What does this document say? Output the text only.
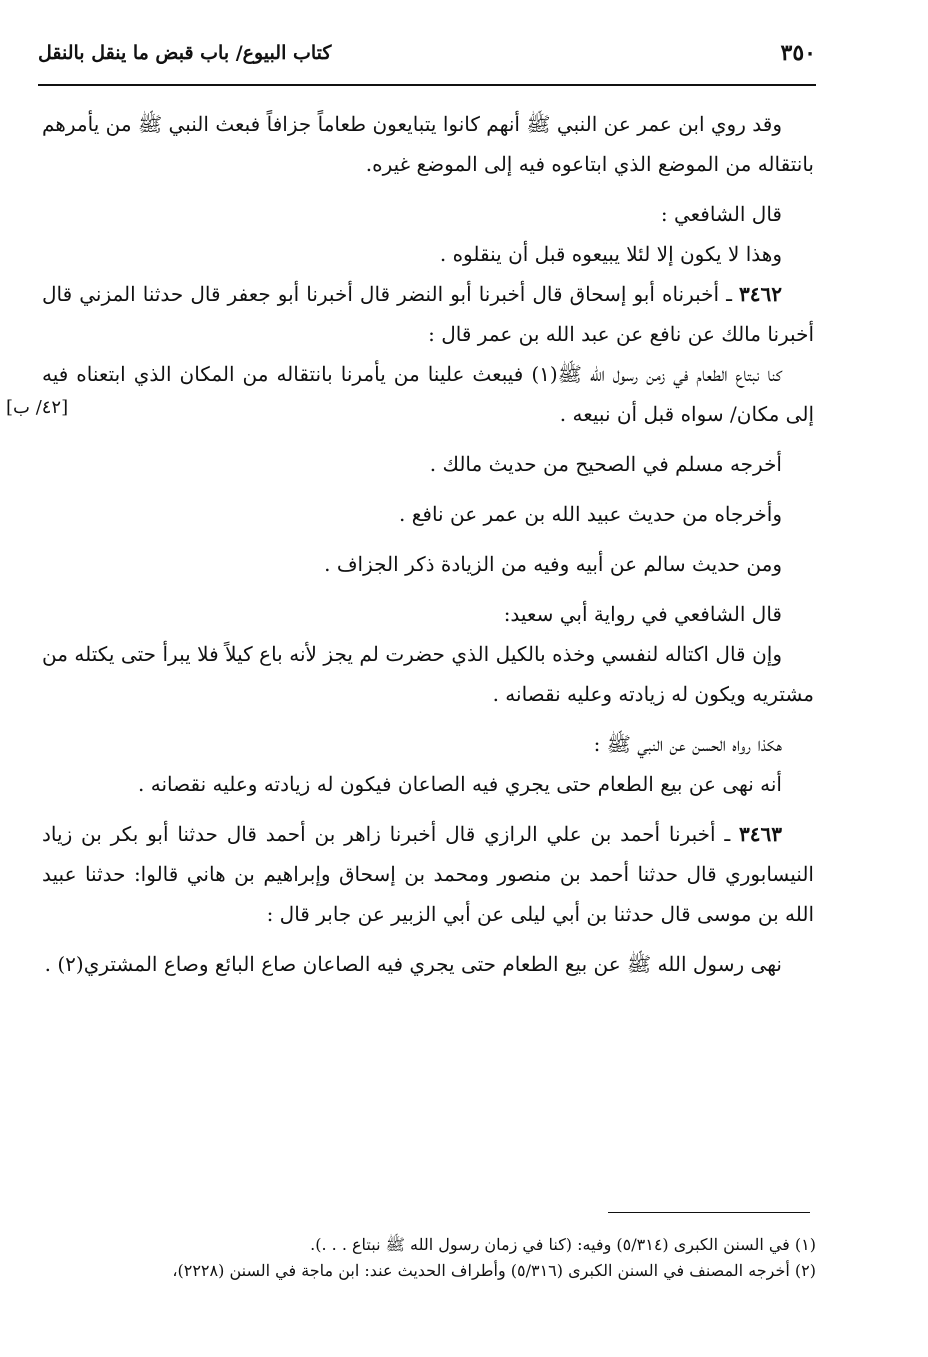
٣٥٠
كتاب البيوع/ باب قبض ما ينقل بالنقل

وقد روي ابن عمر عن النبي ﷺ أنهم كانوا يتبايعون طعاماً جزافاً فبعث النبي ﷺ من يأمرهم بانتقاله من الموضع الذي ابتاعوه فيه إلى الموضع غيره.

قال الشافعي :

وهذا لا يكون إلا لئلا يبيعوه قبل أن ينقلوه .

٣٤٦٢ ـ أخبرناه أبو إسحاق قال أخبرنا أبو النضر قال أخبرنا أبو جعفر قال حدثنا المزني قال أخبرنا مالك عن نافع عن عبد الله بن عمر قال :

كنا نبتاع الطعام في زمن رسول الله ﷺ(١) فيبعث علينا من يأمرنا بانتقاله من المكان الذي ابتعناه فيه إلى مكان/ سواه قبل أن نبيعه .
[٤٢/ ب]

أخرجه مسلم في الصحيح من حديث مالك .

وأخرجاه من حديث عبيد الله بن عمر عن نافع .

ومن حديث سالم عن أبيه وفيه من الزيادة ذكر الجزاف .

قال الشافعي في رواية أبي سعيد:

وإن قال اكتاله لنفسي وخذه بالكيل الذي حضرت لم يجز لأنه باع كيلاً فلا يبرأ حتى يكتله من مشتريه ويكون له زيادته وعليه نقصانه .

هكذا رواه الحسن عن النبي ﷺ :

أنه نهى عن بيع الطعام حتى يجري فيه الصاعان فيكون له زيادته وعليه نقصانه .

٣٤٦٣ ـ أخبرنا أحمد بن علي الرازي قال أخبرنا زاهر بن أحمد قال حدثنا أبو بكر بن زياد النيسابوري قال حدثنا أحمد بن منصور ومحمد بن إسحاق وإبراهيم بن هاني قالوا: حدثنا عبيد الله بن موسى قال حدثنا بن أبي ليلى عن أبي الزبير عن جابر قال :

نهى رسول الله ﷺ عن بيع الطعام حتى يجري فيه الصاعان صاع البائع وصاع المشتري(٢) .

(١) في السنن الكبرى (٥/٣١٤) وفيه: (كنا في زمان رسول الله ﷺ نبتاع . . .).

(٢) أخرجه المصنف في السنن الكبرى (٥/٣١٦) وأطراف الحديث عند: ابن ماجة في السنن (٢٢٢٨)،
